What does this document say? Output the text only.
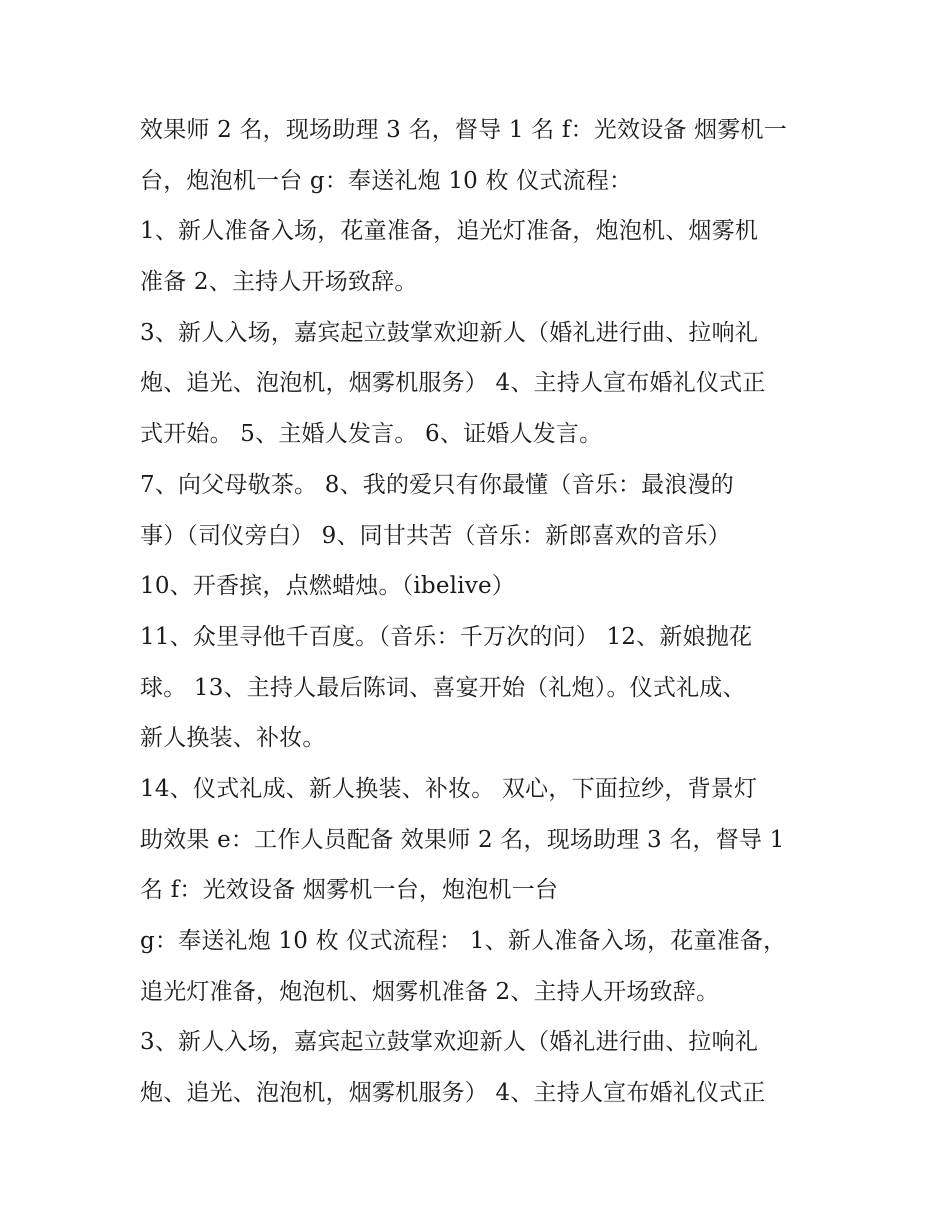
效果师 2 名，现场助理 3 名，督导 1 名 f：光效设备 烟雾机一
台，炮泡机一台 g：奉送礼炮 10 枚 仪式流程：
1、新人准备入场，花童准备，追光灯准备，炮泡机、烟雾机
准备 2、主持人开场致辞。
3、新人入场，嘉宾起立鼓掌欢迎新人（婚礼进行曲、拉响礼
炮、追光、泡泡机，烟雾机服务） 4、主持人宣布婚礼仪式正
式开始。 5、主婚人发言。 6、证婚人发言。
7、向父母敬茶。 8、我的爱只有你最懂（音乐：最浪漫的
事）（司仪旁白） 9、同甘共苦（音乐：新郎喜欢的音乐）
10、开香摈，点燃蜡烛。（ibelive）
11、众里寻他千百度。（音乐：千万次的问） 12、新娘抛花
球。 13、主持人最后陈词、喜宴开始（礼炮）。仪式礼成、
新人换装、补妆。
14、仪式礼成、新人换装、补妆。 双心，下面拉纱，背景灯
助效果 e：工作人员配备 效果师 2 名，现场助理 3 名，督导 1
名 f：光效设备 烟雾机一台，炮泡机一台
g：奉送礼炮 10 枚 仪式流程： 1、新人准备入场，花童准备，
追光灯准备，炮泡机、烟雾机准备 2、主持人开场致辞。
3、新人入场，嘉宾起立鼓掌欢迎新人（婚礼进行曲、拉响礼
炮、追光、泡泡机，烟雾机服务） 4、主持人宣布婚礼仪式正
